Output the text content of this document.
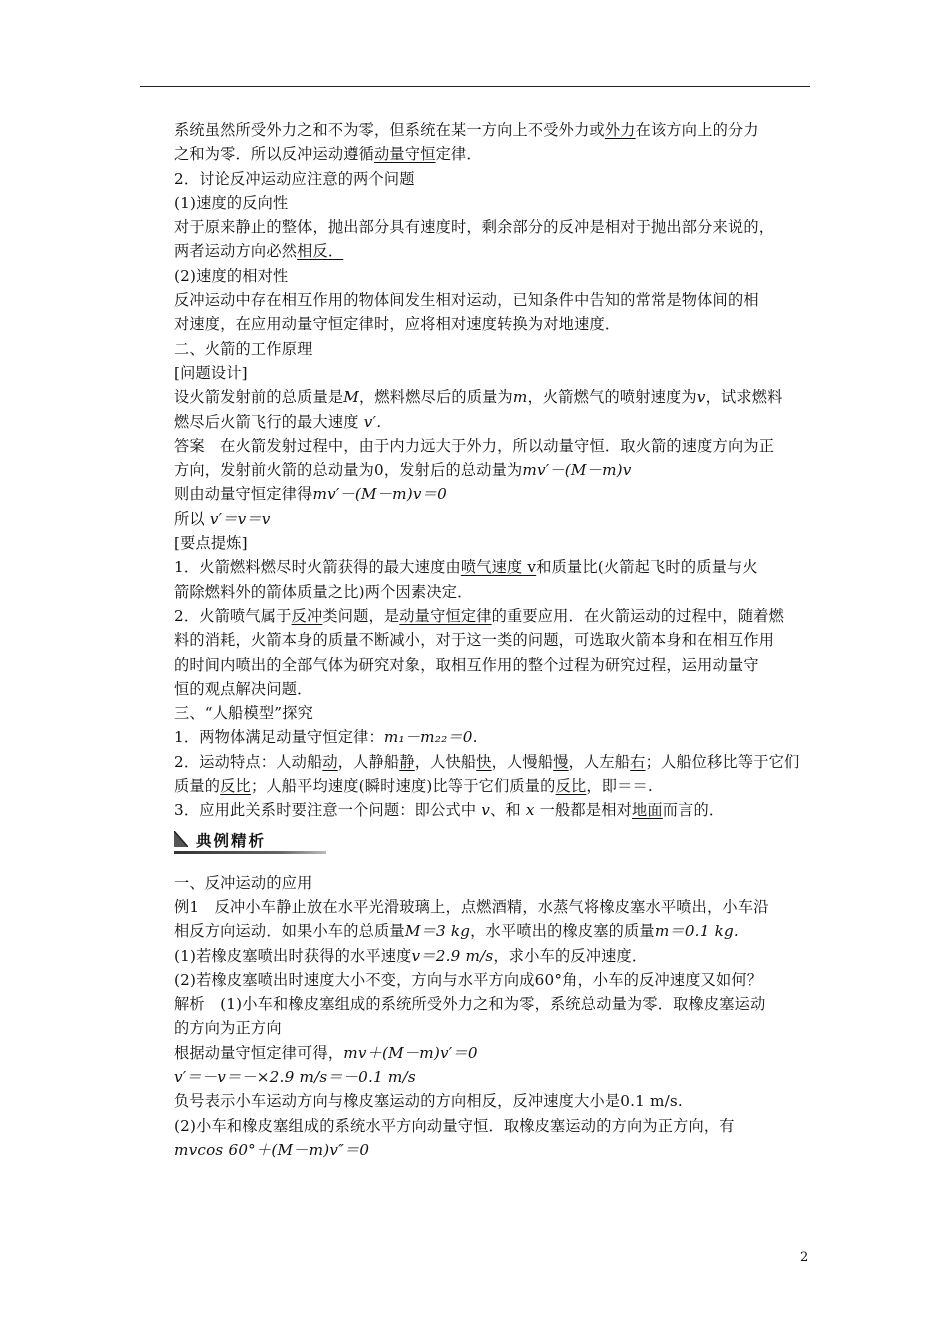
系统虽然所受外力之和不为零，但系统在某一方向上不受外力或外力在该方向上的分力
之和为零．所以反冲运动遵循动量守恒定律．
2．讨论反冲运动应注意的两个问题
(1)速度的反向性
对于原来静止的整体，抛出部分具有速度时，剩余部分的反冲是相对于抛出部分来说的，
两者运动方向必然相反．
(2)速度的相对性
反冲运动中存在相互作用的物体间发生相对运动，已知条件中告知的常常是物体间的相
对速度，在应用动量守恒定律时，应将相对速度转换为对地速度．
二、火箭的工作原理
[问题设计]
设火箭发射前的总质量是M，燃料燃尽后的质量为m，火箭燃气的喷射速度为v，试求燃料
燃尽后火箭飞行的最大速度 v′．
答案　在火箭发射过程中，由于内力远大于外力，所以动量守恒．取火箭的速度方向为正
方向，发射前火箭的总动量为0，发射后的总动量为mv′－(M－m)v
则由动量守恒定律得mv′－(M－m)v＝0
所以 v′＝v＝v
[要点提炼]
1．火箭燃料燃尽时火箭获得的最大速度由喷气速度 v和质量比(火箭起飞时的质量与火
箭除燃料外的箭体质量之比)两个因素决定．
2．火箭喷气属于反冲类问题，是动量守恒定律的重要应用．在火箭运动的过程中，随着燃
料的消耗，火箭本身的质量不断减小，对于这一类的问题，可选取火箭本身和在相互作用
的时间内喷出的全部气体为研究对象，取相互作用的整个过程为研究过程，运用动量守
恒的观点解决问题．
三、“人船模型”探究
1．两物体满足动量守恒定律：m₁－m₂₂＝0.
2．运动特点：人动船动，人静船静，人快船快，人慢船慢，人左船右；人船位移比等于它们
质量的反比；人船平均速度(瞬时速度)比等于它们质量的反比，即＝＝.
3．应用此关系时要注意一个问题：即公式中 v、和 x 一般都是相对地面而言的．
典例精析
一、反冲运动的应用
例1　反冲小车静止放在水平光滑玻璃上，点燃酒精，水蒸气将橡皮塞水平喷出，小车沿
相反方向运动．如果小车的总质量M＝3 kg，水平喷出的橡皮塞的质量m＝0.1 kg.
(1)若橡皮塞喷出时获得的水平速度v＝2.9 m/s，求小车的反冲速度．
(2)若橡皮塞喷出时速度大小不变，方向与水平方向成60°角，小车的反冲速度又如何？
解析　(1)小车和橡皮塞组成的系统所受外力之和为零，系统总动量为零．取橡皮塞运动
的方向为正方向
根据动量守恒定律可得，mv＋(M－m)v′＝0
v′＝－v＝－×2.9 m/s＝－0.1 m/s
负号表示小车运动方向与橡皮塞运动的方向相反，反冲速度大小是0.1 m/s.
(2)小车和橡皮塞组成的系统水平方向动量守恒．取橡皮塞运动的方向为正方向，有
mvcos 60°＋(M－m)v″＝0
2
